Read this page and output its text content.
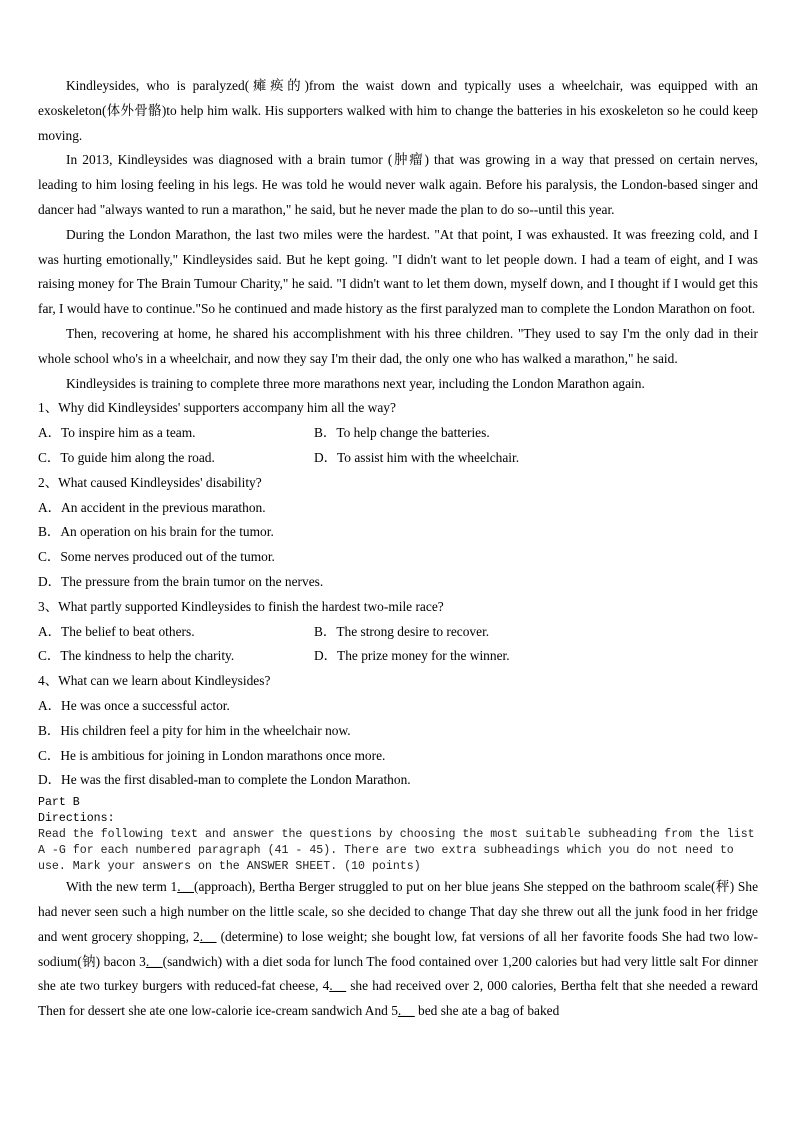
Kindleysides, who is paralyzed(瘫痪的)from the waist down and typically uses a wheelchair, was equipped with an exoskeleton(体外骨骼)to help him walk. His supporters walked with him to change the batteries in his exoskeleton so he could keep moving.

In 2013, Kindleysides was diagnosed with a brain tumor (肿瘤) that was growing in a way that pressed on certain nerves, leading to him losing feeling in his legs. He was told he would never walk again. Before his paralysis, the London-based singer and dancer had "always wanted to run a marathon," he said, but he never made the plan to do so--until this year.

During the London Marathon, the last two miles were the hardest. "At that point, I was exhausted. It was freezing cold, and I was hurting emotionally," Kindleysides said. But he kept going. "I didn't want to let people down. I had a team of eight, and I was raising money for The Brain Tumour Charity," he said. "I didn't want to let them down, myself down, and I thought if I would get this far, I would have to continue."So he continued and made history as the first paralyzed man to complete the London Marathon on foot.

Then, recovering at home, he shared his accomplishment with his three children. "They used to say I'm the only dad in their whole school who's in a wheelchair, and now they say I'm their dad, the only one who has walked a marathon," he said.

Kindleysides is training to complete three more marathons next year, including the London Marathon again.

1、Why did Kindleysides' supporters accompany him all the way?

A．To inspire him as a team.	B．To help change the batteries.
C．To guide him along the road.	D．To assist him with the wheelchair.

2、What caused Kindleysides' disability?

A．An accident in the previous marathon.

B．An operation on his brain for the tumor.

C．Some nerves produced out of the tumor.

D．The pressure from the brain tumor on the nerves.

3、What partly supported Kindleysides to finish the hardest two-mile race?

A．The belief to beat others.	B．The strong desire to recover.
C．The kindness to help the charity.	D．The prize money for the winner.

4、What can we learn about Kindleysides?

A．He was once a successful actor.

B．His children feel a pity for him in the wheelchair now.

C．He is ambitious for joining in London marathons once more.

D．He was the first disabled-man to complete the London Marathon.

Part B

Directions:

Read the following text and answer the questions by choosing the most suitable subheading from the list A -G for each numbered paragraph (41 - 45). There are two extra subheadings which you do not need to use. Mark your answers on the ANSWER SHEET. (10 points)

With the new term 1.__(approach), Bertha Berger struggled to put on her blue jeans She stepped on the bathroom scale(秤) She had never seen such a high number on the little scale, so she decided to change That day she threw out all the junk food in her fridge and went grocery shopping, 2.__ (determine) to lose weight; she bought low, fat versions of all her favorite foods She had two low-sodium(钠) bacon 3.__(sandwich) with a diet soda for lunch The food contained over 1,200 calories but had very little salt For dinner she ate two turkey burgers with reduced-fat cheese, 4.__ she had received over 2, 000 calories, Bertha felt that she needed a reward Then for dessert she ate one low-calorie ice-cream sandwich And 5.__ bed she ate a bag of baked
